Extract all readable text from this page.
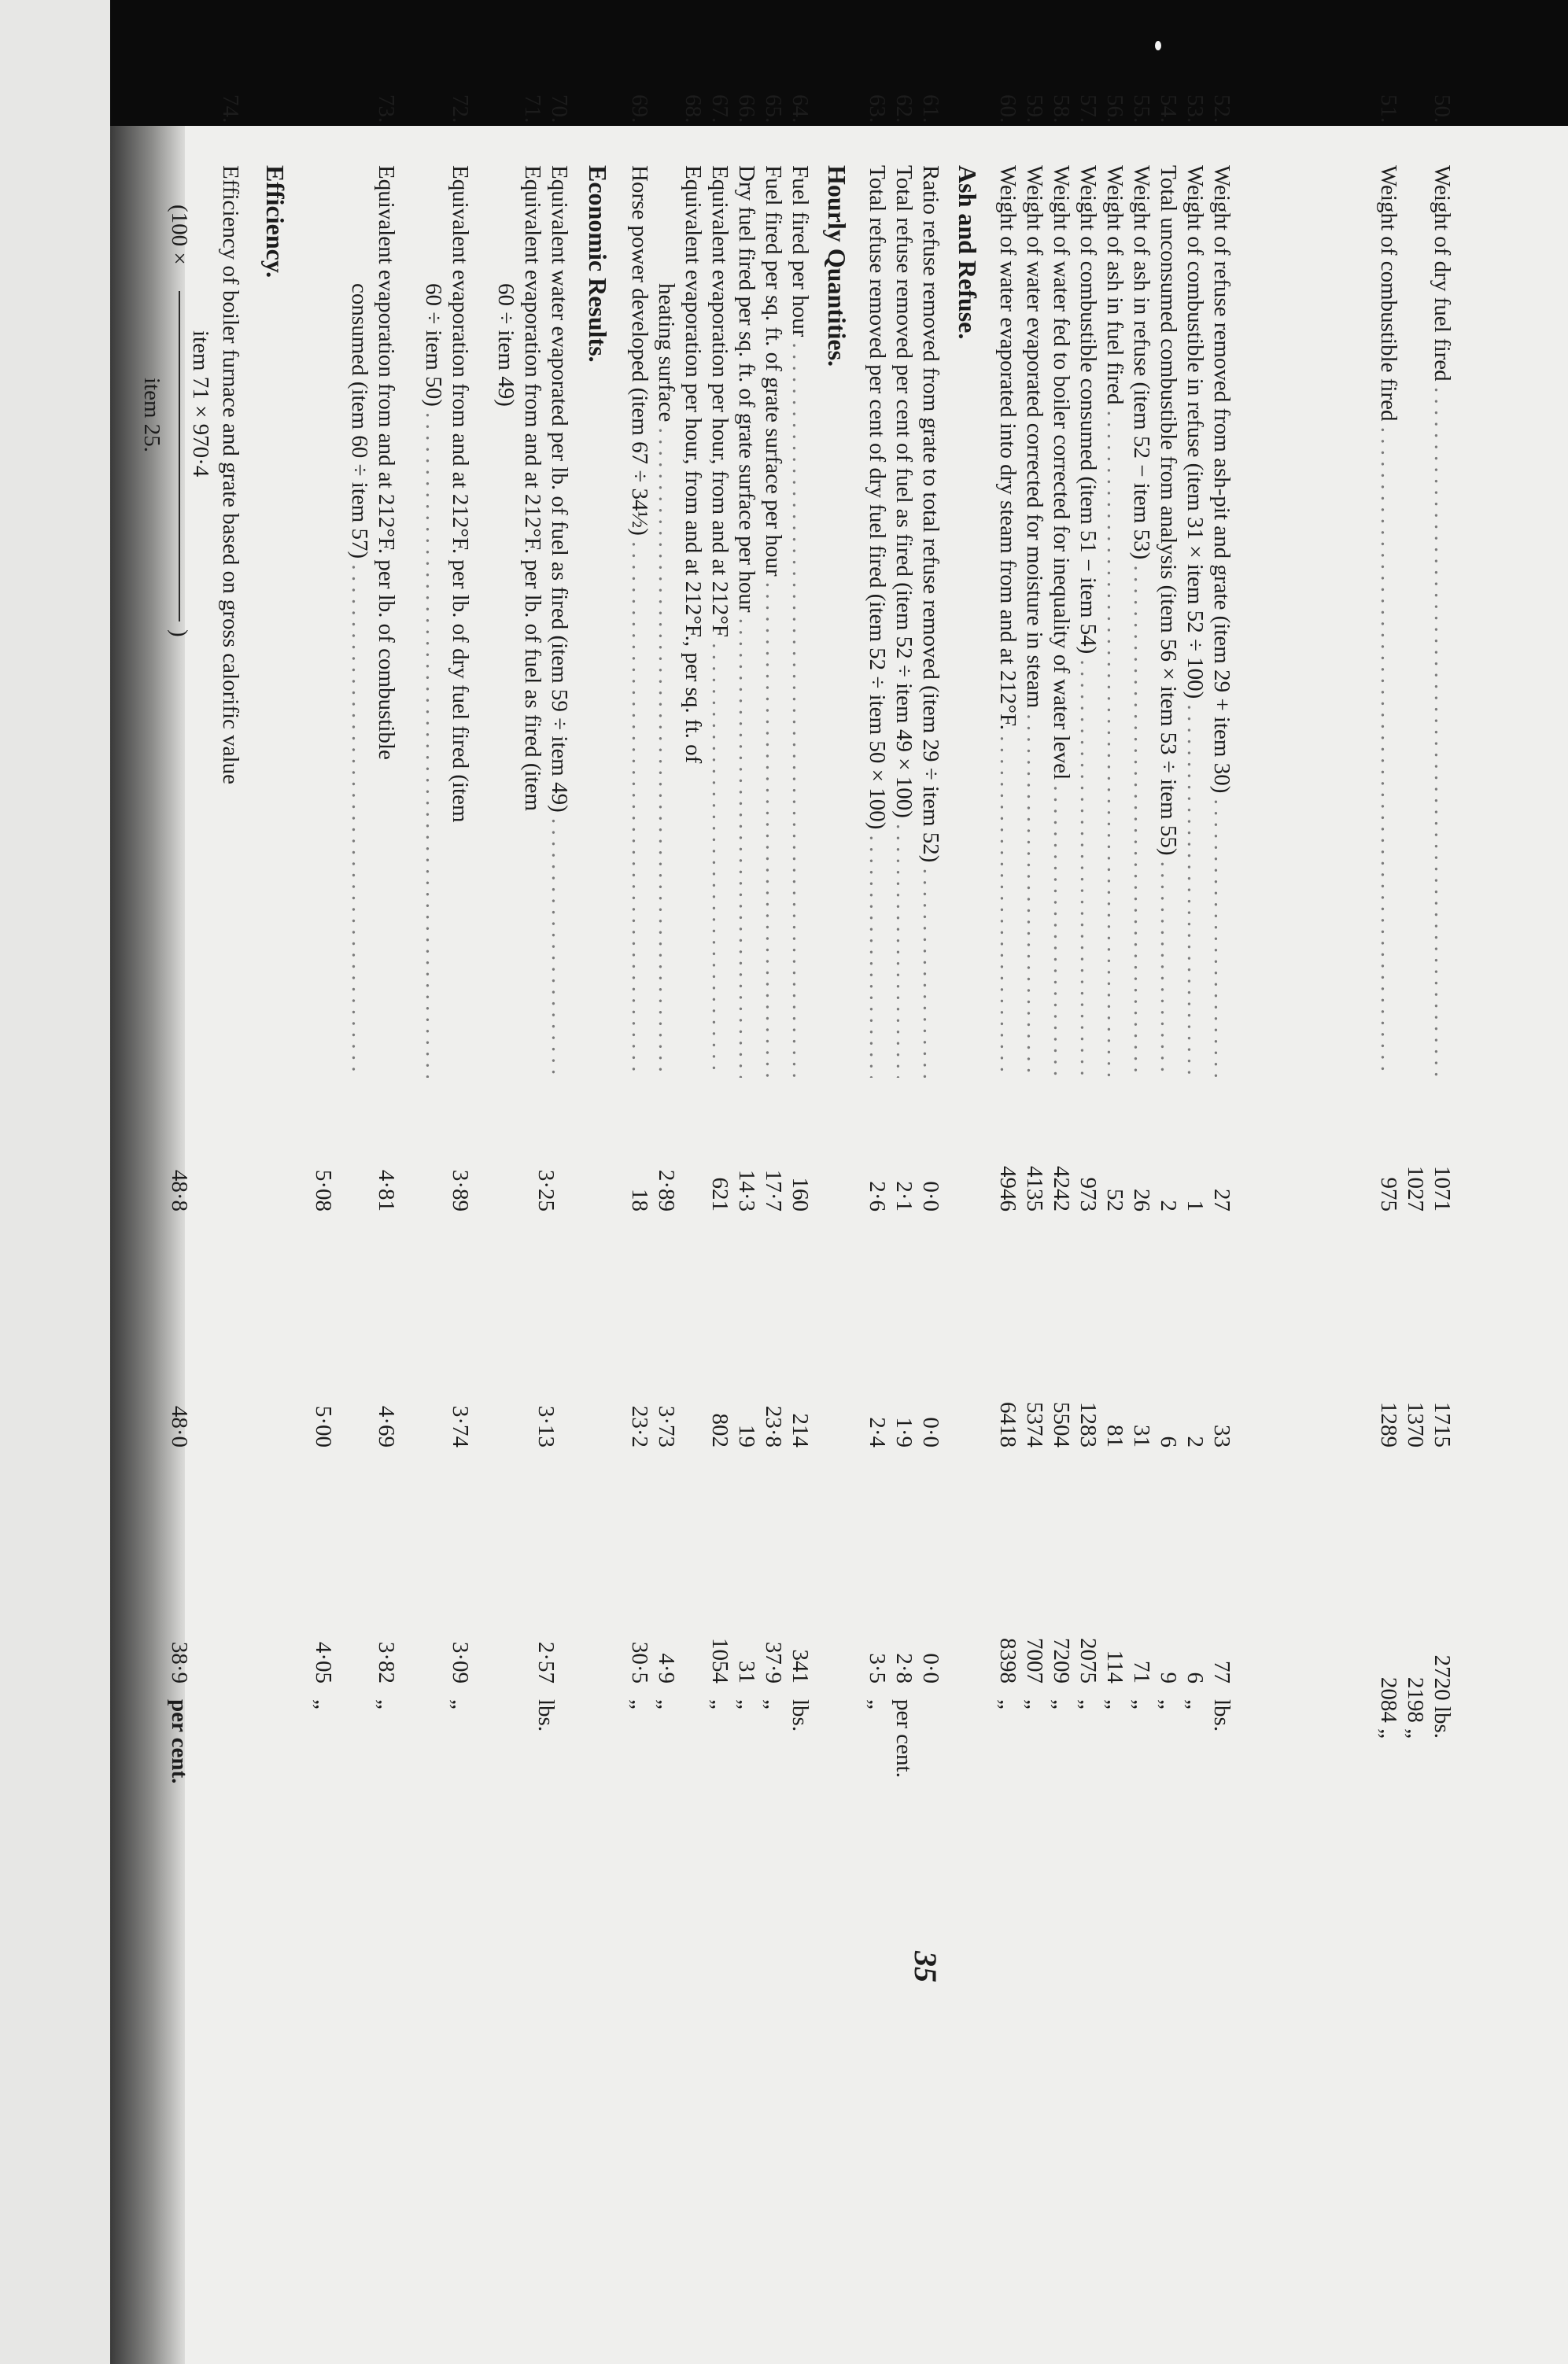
50.
Weight of dry fuel fired . . .
1071
1715
2720 lbs.
1027
1370
2198 „
51.
Weight of combustible fired . . .
975
1289
2084 „
35
52.
Weight of refuse removed from ash-pit and grate (item 29 + item 30) . . .
27
33
77
lbs.
53.
Weight of combustible in refuse (item 31 × item 52 ÷ 100) . . .
1
2
6
„
54.
Total unconsumed combustible from analysis (item 56 × item 53 ÷ item 55) . . .
2
6
9
„
55.
Weight of ash in refuse (item 52 − item 53) . . .
26
31
71
„
56.
Weight of ash in fuel fired . . .
52
81
114
„
57.
Weight of combustible consumed (item 51 − item 54) . . .
973
1283
2075
„
58.
Weight of water fed to boiler corrected for inequality of water level . . .
4242
5504
7209
„
59.
Weight of water evaporated corrected for moisture in steam . . .
4135
5374
7007
„
60.
Weight of water evaporated into dry steam from and at 212°F. . . .
4946
6418
8398
„
Ash and Refuse.
61.
Ratio refuse removed from grate to total refuse removed (item 29 ÷ item 52) . . .
0·0
0·0
0·0
62.
Total refuse removed per cent of fuel as fired (item 52 ÷ item 49 × 100) . . .
2·1
1·9
2·8
per cent.
63.
Total refuse removed per cent of dry fuel fired (item 52 ÷ item 50 × 100) . . .
2·6
2·4
3·5
„
Hourly Quantities.
64.
Fuel fired per hour . . .
160
214
341
lbs.
65.
Fuel fired per sq. ft. of grate surface per hour . . .
17·7
23·8
37·9
„
66.
Dry fuel fired per sq. ft. of grate surface per hour . . .
14·3
19
31
„
67.
Equivalent evaporation per hour, from and at 212°F . . .
621
802
1054
„
68.
Equivalent evaporation per hour, from and at 212°F., per sq. ft. of
heating surface . . .
2·89
3·73
4·9
„
69.
Horse power developed (item 67 ÷ 34½) . . .
18
23·2
30·5
„
Economic Results.
70.
Equivalent water evaporated per lb. of fuel as fired (item 59 ÷ item 49) . . .
71.
Equivalent evaporation from and at 212°F. per lb. of fuel as fired (item
3·25
3·13
2·57
lbs.
60 ÷ item 49)
72.
Equivalent evaporation from and at 212°F. per lb. of dry fuel fired (item
3·89
3·74
3·09
„
60 ÷ item 50) . . .
73.
Equivalent evaporation from and at 212°F. per lb. of combustible
4·81
4·69
3·82
„
consumed (item 60 ÷ item 57) . . .
5·08
5·00
4·05
„
Efficiency.
74.
Efficiency of boiler furnace and grate based on gross calorific value
item 71 × 970·4
(100 ×
)
item 25.
48·8
48·0
38·9
per cent.
